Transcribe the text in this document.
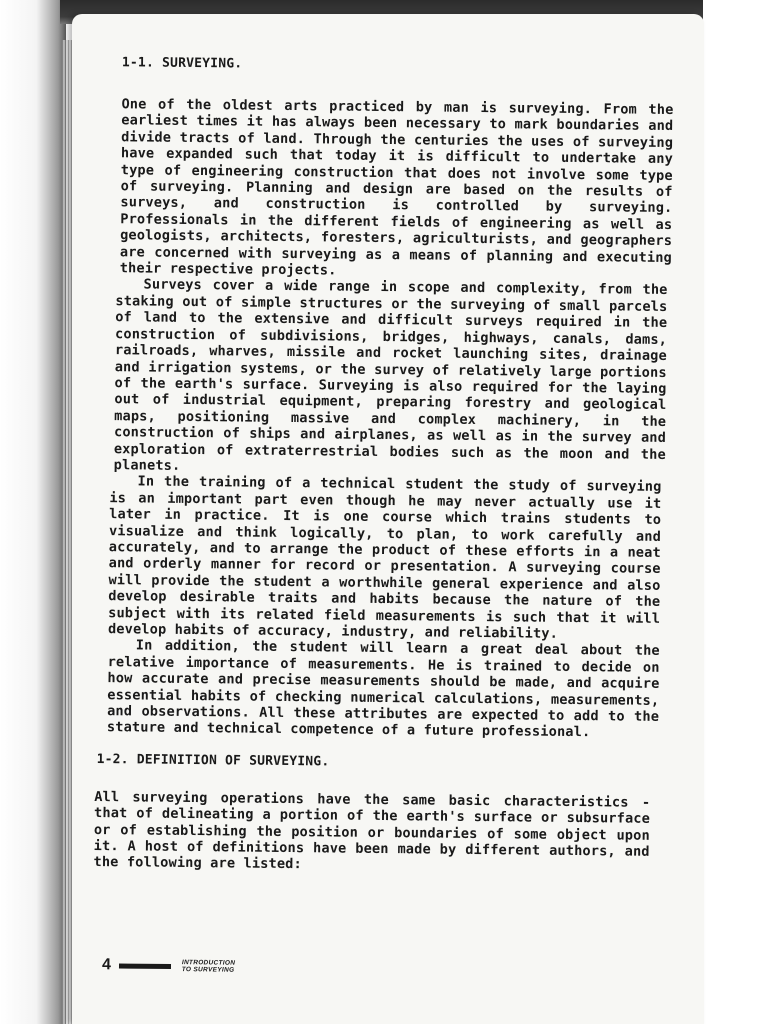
1-1. SURVEYING.

One of the oldest arts practiced by man is surveying. From the earliest times it has always been necessary to mark boundaries and divide tracts of land. Through the centuries the uses of surveying have expanded such that today it is difficult to undertake any type of engineering construction that does not involve some type of surveying. Planning and design are based on the results of surveys, and construction is controlled by surveying. Professionals in the different fields of engineering as well as geologists, architects, foresters, agriculturists, and geographers are concerned with surveying as a means of planning and executing their respective projects.

Surveys cover a wide range in scope and complexity, from the staking out of simple structures or the surveying of small parcels of land to the extensive and difficult surveys required in the construction of subdivisions, bridges, highways, canals, dams, railroads, wharves, missile and rocket launching sites, drainage and irrigation systems, or the survey of relatively large portions of the earth's surface. Surveying is also required for the laying out of industrial equipment, preparing forestry and geological maps, positioning massive and complex machinery, in the construction of ships and airplanes, as well as in the survey and exploration of extraterrestrial bodies such as the moon and the planets.

In the training of a technical student the study of surveying is an important part even though he may never actually use it later in practice. It is one course which trains students to visualize and think logically, to plan, to work carefully and accurately, and to arrange the product of these efforts in a neat and orderly manner for record or presentation. A surveying course will provide the student a worthwhile general experience and also develop desirable traits and habits because the nature of the subject with its related field measurements is such that it will develop habits of accuracy, industry, and reliability.

In addition, the student will learn a great deal about the relative importance of measurements. He is trained to decide on how accurate and precise measurements should be made, and acquire essential habits of checking numerical calculations, measurements, and observations. All these attributes are expected to add to the stature and technical competence of a future professional.

1-2. DEFINITION OF SURVEYING.

All surveying operations have the same basic characteristics - that of delineating a portion of the earth's surface or subsurface or of establishing the position or boundaries of some object upon it. A host of definitions have been made by different authors, and the following are listed:

4	INTRODUCTION
TO SURVEYING
